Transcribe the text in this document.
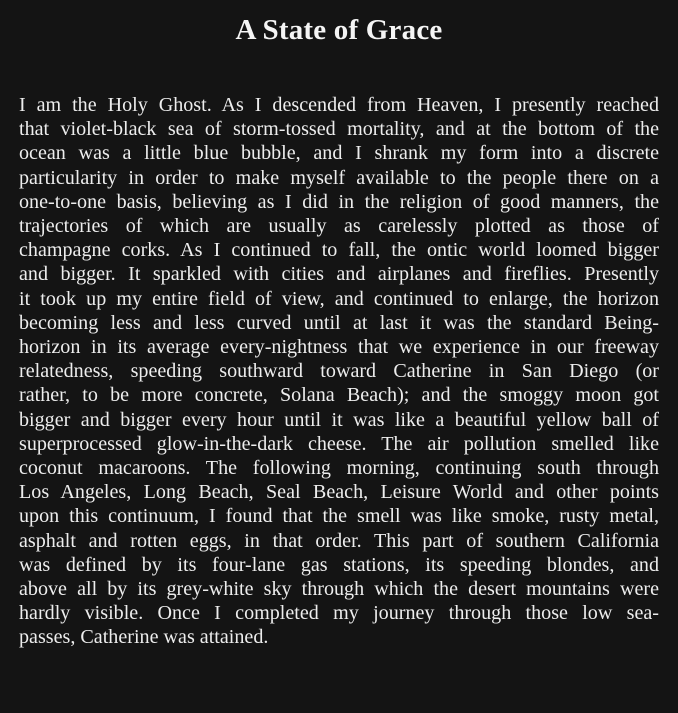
A State of Grace
I am the Holy Ghost. As I descended from Heaven, I presently reached
that violet-black sea of storm-tossed mortality, and at the bottom of the
ocean was a little blue bubble, and I shrank my form into a discrete
particularity in order to make myself available to the people there on a
one-to-one basis, believing as I did in the religion of good manners, the
trajectories of which are usually as carelessly plotted as those of
champagne corks. As I continued to fall, the ontic world loomed bigger
and bigger. It sparkled with cities and airplanes and fireflies. Presently
it took up my entire field of view, and continued to enlarge, the horizon
becoming less and less curved until at last it was the standard Being-
horizon in its average every-nightness that we experience in our freeway
relatedness, speeding southward toward Catherine in San Diego (or
rather, to be more concrete, Solana Beach); and the smoggy moon got
bigger and bigger every hour until it was like a beautiful yellow ball of
superprocessed glow-in-the-dark cheese. The air pollution smelled like
coconut macaroons. The following morning, continuing south through
Los Angeles, Long Beach, Seal Beach, Leisure World and other points
upon this continuum, I found that the smell was like smoke, rusty metal,
asphalt and rotten eggs, in that order. This part of southern California
was defined by its four-lane gas stations, its speeding blondes, and
above all by its grey-white sky through which the desert mountains were
hardly visible. Once I completed my journey through those low sea-
passes, Catherine was attained.
